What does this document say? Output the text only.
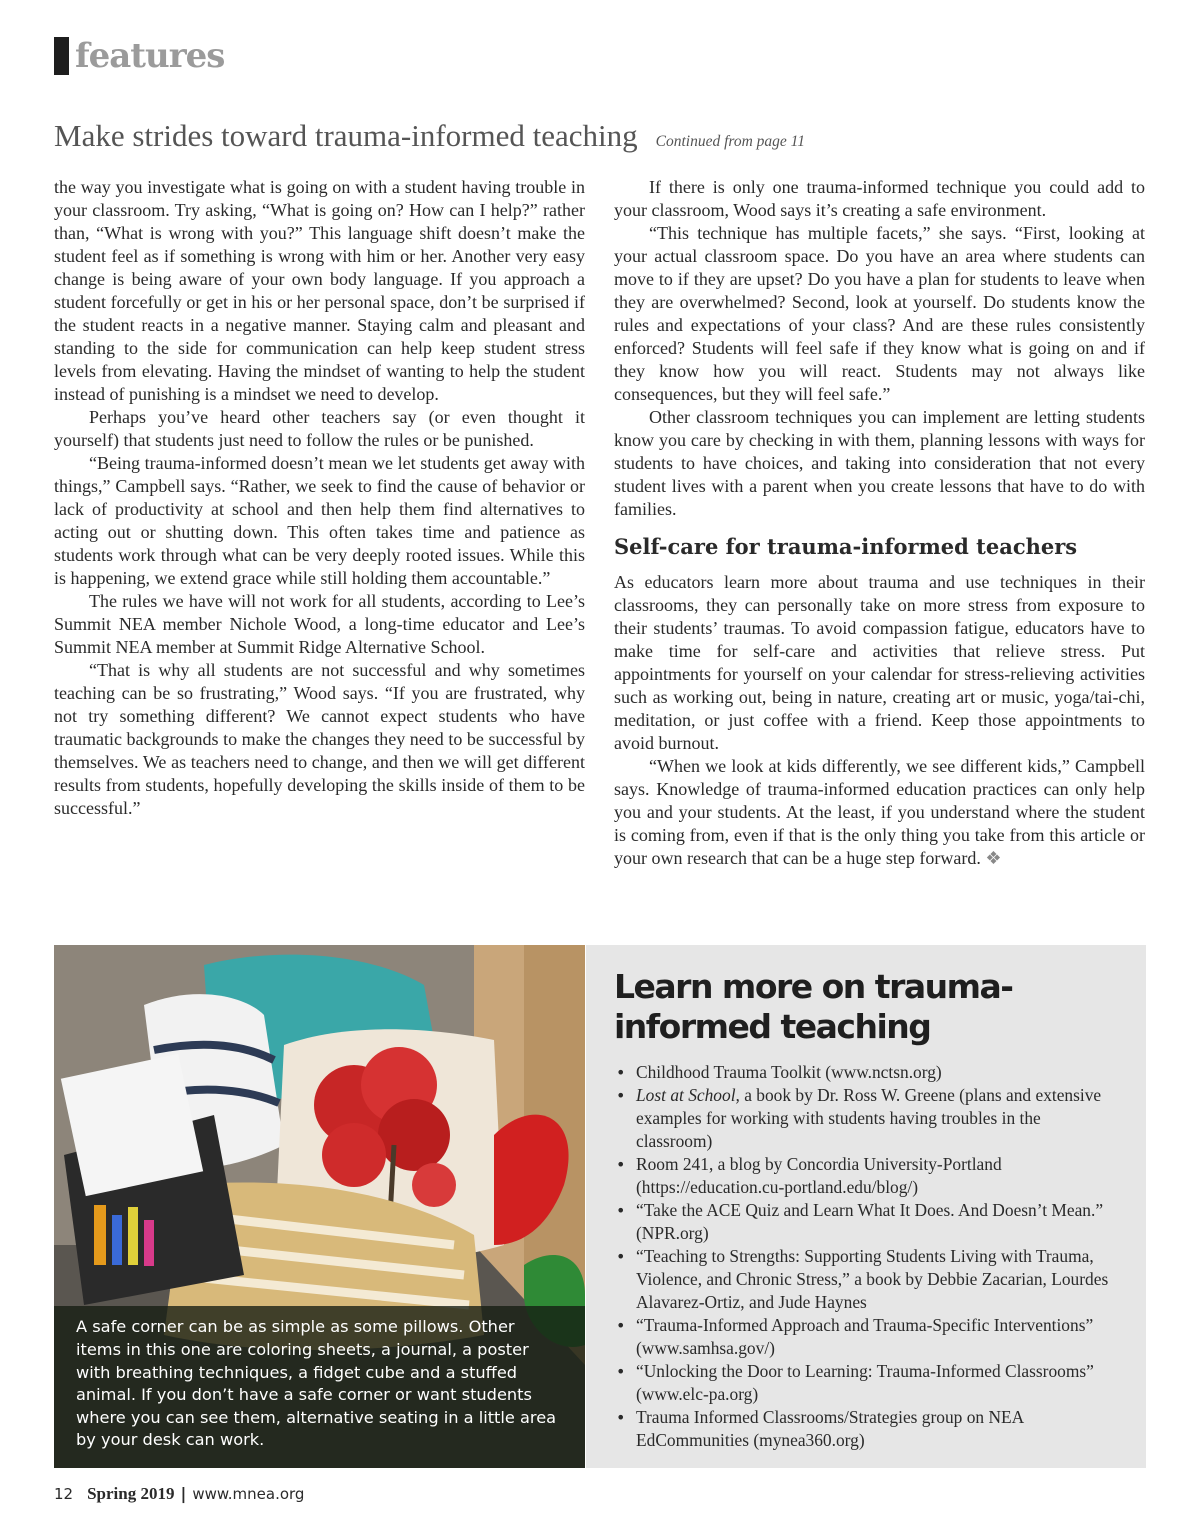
features
Make strides toward trauma-informed teaching Continued from page 11

the way you investigate what is going on with a student having trouble in your classroom. Try asking, “What is going on? How can I help?” rather than, “What is wrong with you?” This language shift doesn’t make the student feel as if something is wrong with him or her. Another very easy change is being aware of your own body language. If you approach a student forcefully or get in his or her personal space, don’t be surprised if the student reacts in a negative manner. Staying calm and pleasant and standing to the side for communication can help keep student stress levels from elevating. Having the mindset of wanting to help the student instead of punishing is a mindset we need to develop.

Perhaps you’ve heard other teachers say (or even thought it yourself) that students just need to follow the rules or be punished.

“Being trauma-informed doesn’t mean we let students get away with things,” Campbell says. “Rather, we seek to find the cause of behavior or lack of productivity at school and then help them find alternatives to acting out or shutting down. This often takes time and patience as students work through what can be very deeply rooted issues. While this is happening, we extend grace while still holding them accountable.”

The rules we have will not work for all students, according to Lee’s Summit NEA member Nichole Wood, a long-time educator and Lee’s Summit NEA member at Summit Ridge Alternative School.

“That is why all students are not successful and why sometimes teaching can be so frustrating,” Wood says. “If you are frustrated, why not try something different? We cannot expect students who have traumatic backgrounds to make the changes they need to be successful by themselves. We as teachers need to change, and then we will get different results from students, hopefully developing the skills inside of them to be successful.”

If there is only one trauma-informed technique you could add to your classroom, Wood says it’s creating a safe environment.

“This technique has multiple facets,” she says. “First, looking at your actual classroom space. Do you have an area where students can move to if they are upset? Do you have a plan for students to leave when they are overwhelmed? Second, look at yourself. Do students know the rules and expectations of your class? And are these rules consistently enforced? Students will feel safe if they know what is going on and if they know how you will react. Students may not always like consequences, but they will feel safe.”

Other classroom techniques you can implement are letting students know you care by checking in with them, planning lessons with ways for students to have choices, and taking into consideration that not every student lives with a parent when you create lessons that have to do with families.

Self-care for trauma-informed teachers

As educators learn more about trauma and use techniques in their classrooms, they can personally take on more stress from exposure to their students’ traumas. To avoid compassion fatigue, educators have to make time for self-care and activities that relieve stress. Put appointments for yourself on your calendar for stress-relieving activities such as working out, being in nature, creating art or music, yoga/tai-chi, meditation, or just coffee with a friend. Keep those appointments to avoid burnout.

“When we look at kids differently, we see different kids,” Campbell says. Knowledge of trauma-informed education practices can only help you and your students. At the least, if you understand where the student is coming from, even if that is the only thing you take from this article or your own research that can be a huge step forward. ❖

A safe corner can be as simple as some pillows. Other items in this one are coloring sheets, a journal, a poster with breathing techniques, a fidget cube and a stuffed animal. If you don’t have a safe corner or want students where you can see them, alternative seating in a little area by your desk can work.
Learn more on trauma-informed teaching
• Childhood Trauma Toolkit (www.nctsn.org)
• Lost at School, a book by Dr. Ross W. Greene (plans and extensive examples for working with students having troubles in the classroom)
• Room 241, a blog by Concordia University-Portland (https://education.cu-portland.edu/blog/)
• “Take the ACE Quiz and Learn What It Does. And Doesn’t Mean.” (NPR.org)
• “Teaching to Strengths: Supporting Students Living with Trauma, Violence, and Chronic Stress,” a book by Debbie Zacarian, Lourdes Alavarez-Ortiz, and Jude Haynes
• “Trauma-Informed Approach and Trauma-Specific Interventions” (www.samhsa.gov/)
• “Unlocking the Door to Learning: Trauma-Informed Classrooms” (www.elc-pa.org)
• Trauma Informed Classrooms/Strategies group on NEA EdCommunities (mynea360.org)
12 Spring 2019 | www.mnea.org
